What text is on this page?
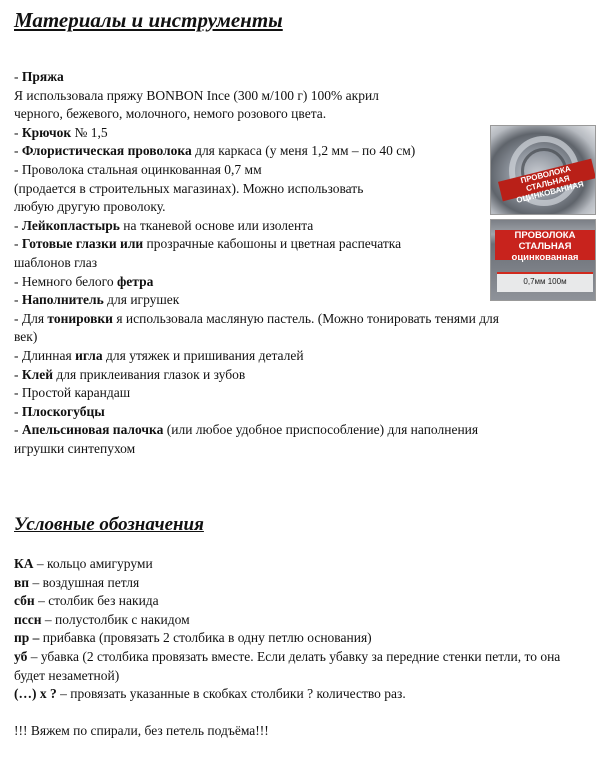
Материалы и инструменты
- Пряжа
Я использовала пряжу BONBON Ince (300 м/100 г) 100% акрил
черного, бежевого, молочного, немого розового цвета.
- Крючок № 1,5
- Флористическая проволока для каркаса (у меня 1,2 мм – по 40 см)
- Проволока стальная оцинкованная 0,7 мм
(продается в строительных магазинах). Можно использовать
любую другую проволоку.
- Лейкопластырь на тканевой основе или изолента
- Готовые глазки или прозрачные кабошоны и цветная распечатка
шаблонов глаз
- Немного белого фетра
- Наполнитель для игрушек
- Для тонировки я использовала масляную пастель. (Можно тонировать тенями для
век)
- Длинная игла для утяжек и пришивания деталей
- Клей для приклеивания глазок и зубов
- Простой карандаш
- Плоскогубцы
- Апельсиновая палочка (или любое удобное приспособление) для наполнения
игрушки синтепухом
ПРОВОЛОКА СТАЛЬНАЯ ОЦИНКОВАННАЯ
ПРОВОЛОКА СТАЛЬНАЯ оцинкованная
0,7мм 100м
Условные обозначения
КА – кольцо амигуруми
вп – воздушная петля
сбн – столбик без накида
пссн – полустолбик с накидом
пр – прибавка (провязать 2 столбика в одну петлю основания)
уб – убавка (2 столбика провязать вместе. Если делать убавку за передние стенки петли, то она будет незаметной)
(…) х ? – провязать указанные в скобках столбики ? количество раз.
!!! Вяжем по спирали, без петель подъёма!!!
